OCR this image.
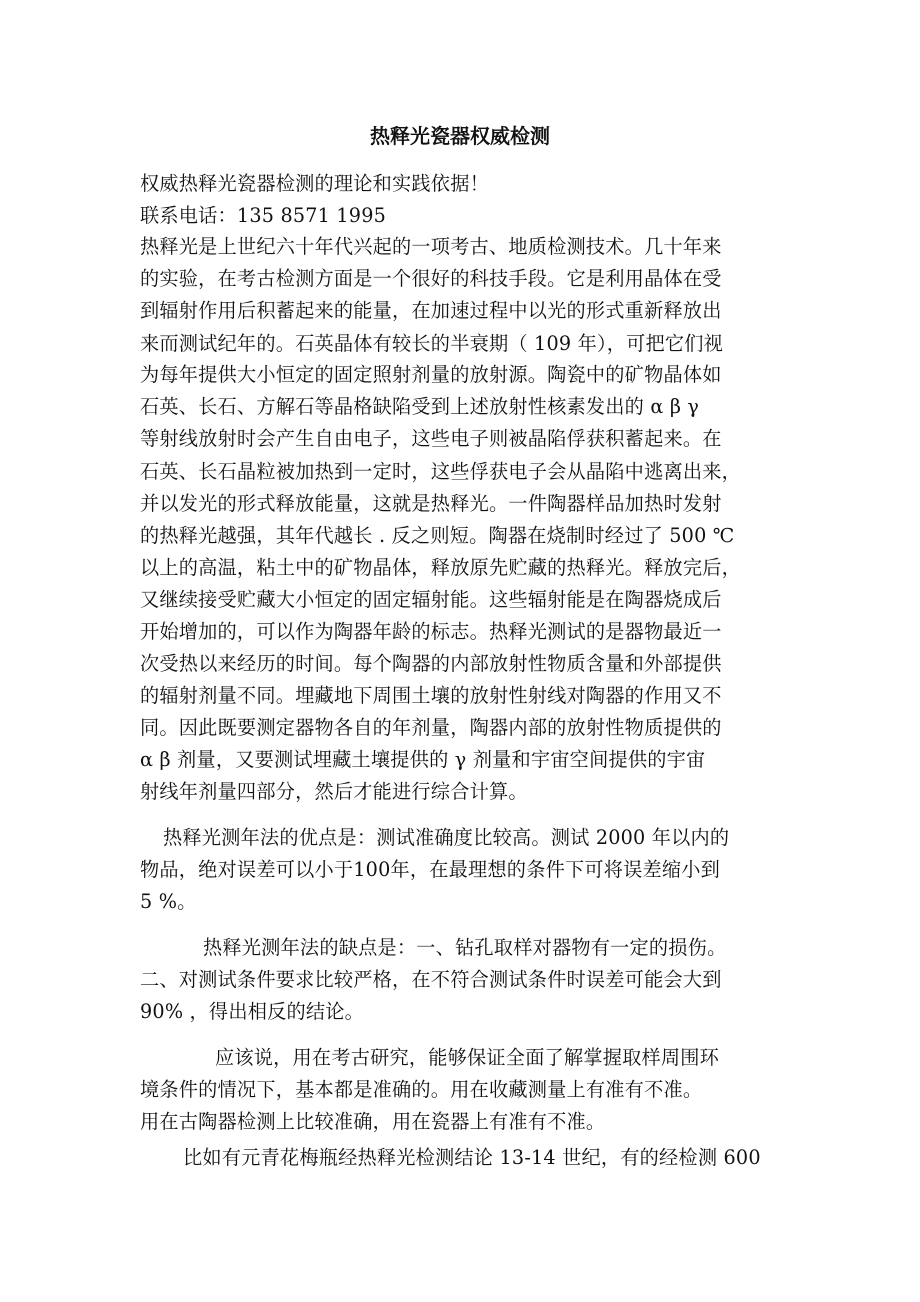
热释光瓷器权威检测
权威热释光瓷器检测的理论和实践依据！
联系电话：135 8571 1995
热释光是上世纪六十年代兴起的一项考古、地质检测技术。几十年来
的实验，在考古检测方面是一个很好的科技手段。它是利用晶体在受
到辐射作用后积蓄起来的能量，在加速过程中以光的形式重新释放出
来而测试纪年的。石英晶体有较长的半衰期（ 109 年），可把它们视
为每年提供大小恒定的固定照射剂量的放射源。陶瓷中的矿物晶体如
石英、长石、方解石等晶格缺陷受到上述放射性核素发出的 α β γ
等射线放射时会产生自由电子，这些电子则被晶陷俘获积蓄起来。在
石英、长石晶粒被加热到一定时，这些俘获电子会从晶陷中逃离出来，
并以发光的形式释放能量，这就是热释光。一件陶器样品加热时发射
的热释光越强，其年代越长 . 反之则短。陶器在烧制时经过了 500 ℃
以上的高温，粘土中的矿物晶体，释放原先贮藏的热释光。释放完后，
又继续接受贮藏大小恒定的固定辐射能。这些辐射能是在陶器烧成后
开始增加的，可以作为陶器年龄的标志。热释光测试的是器物最近一
次受热以来经历的时间。每个陶器的内部放射性物质含量和外部提供
的辐射剂量不同。埋藏地下周围土壤的放射性射线对陶器的作用又不
同。因此既要测定器物各自的年剂量，陶器内部的放射性物质提供的
α β 剂量，又要测试埋藏土壤提供的 γ 剂量和宇宙空间提供的宇宙
射线年剂量四部分，然后才能进行综合计算。
热释光测年法的优点是：测试准确度比较高。测试 2000 年以内的
物品，绝对误差可以小于100年，在最理想的条件下可将误差缩小到
5 %。
热释光测年法的缺点是：一、钻孔取样对器物有一定的损伤。
二、对测试条件要求比较严格，在不符合测试条件时误差可能会大到
90% ，得出相反的结论。
应该说，用在考古研究，能够保证全面了解掌握取样周围环
境条件的情况下，基本都是准确的。用在收藏测量上有准有不准。
用在古陶器检测上比较准确，用在瓷器上有准有不准。
比如有元青花梅瓶经热释光检测结论 13-14 世纪，有的经检测 600
